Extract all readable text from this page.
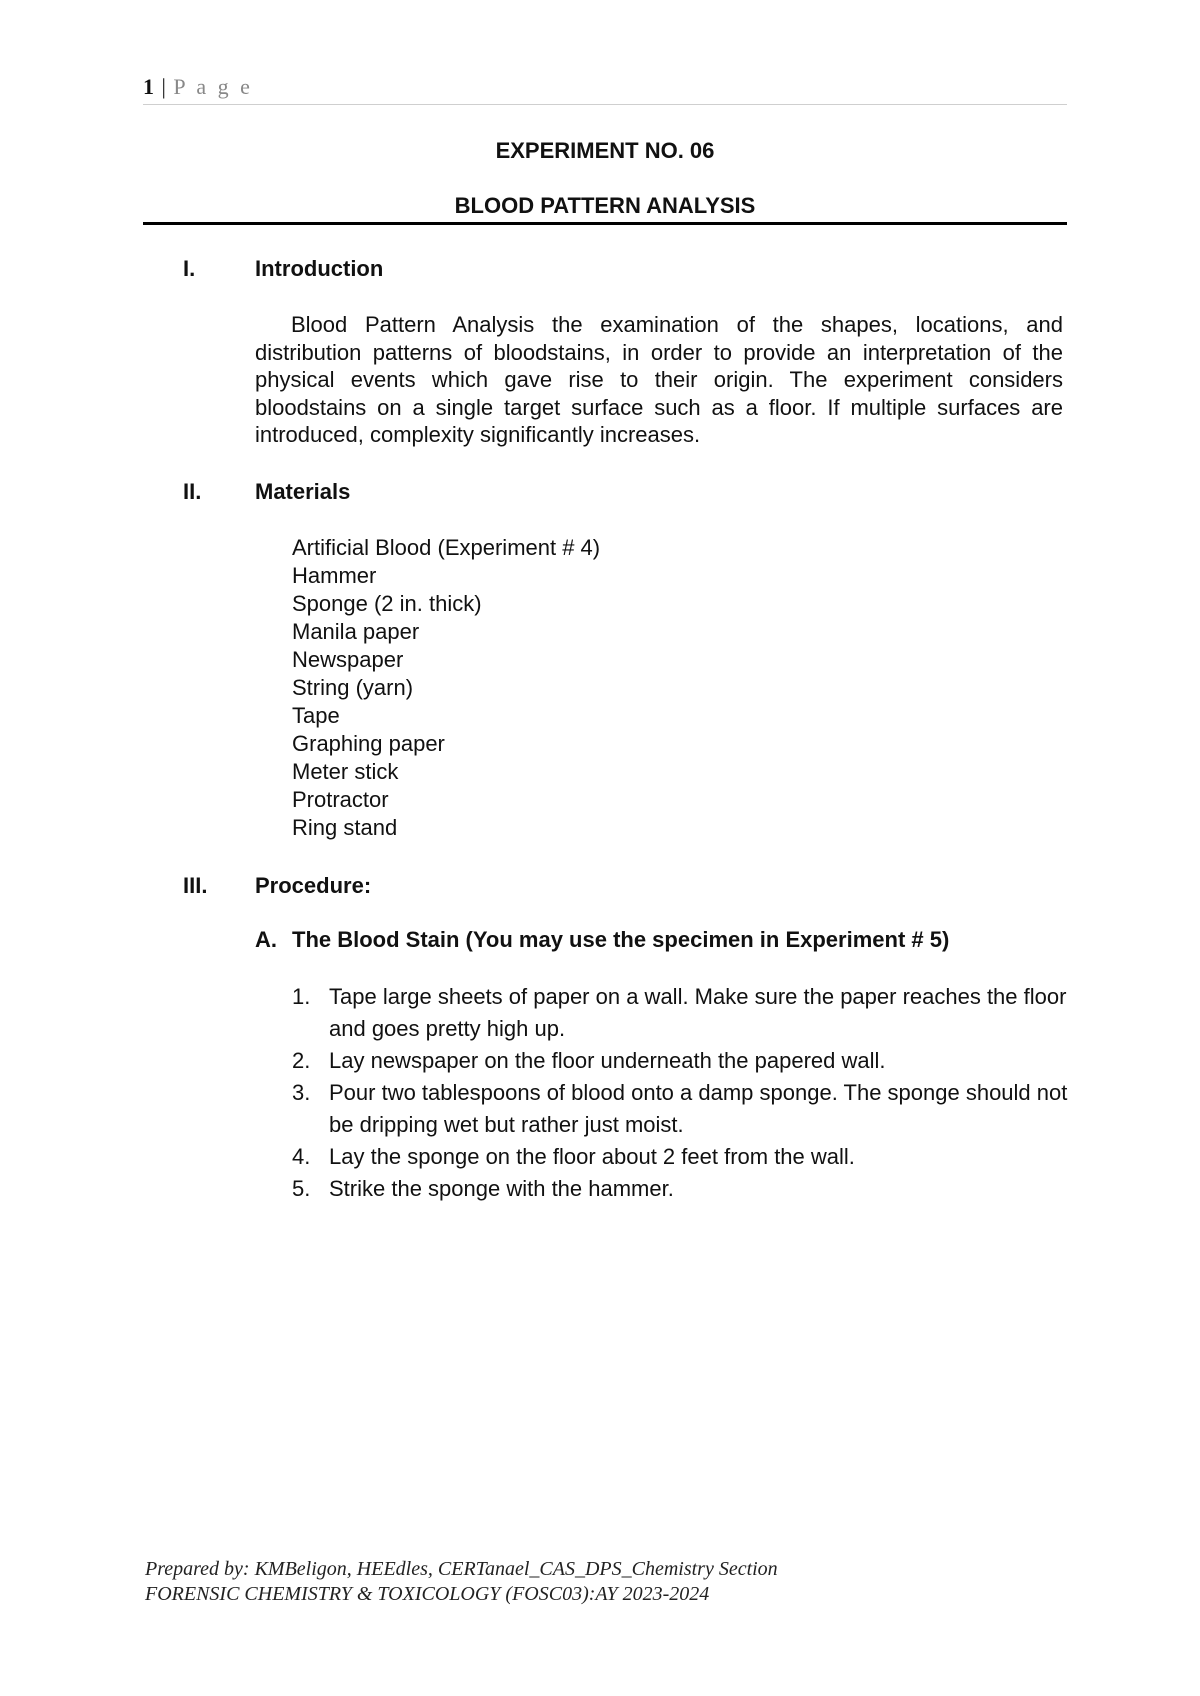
1 | P a g e
EXPERIMENT NO. 06
BLOOD PATTERN ANALYSIS
I.	Introduction
Blood Pattern Analysis the examination of the shapes, locations, and distribution patterns of bloodstains, in order to provide an interpretation of the physical events which gave rise to their origin. The experiment considers bloodstains on a single target surface such as a floor. If multiple surfaces are introduced, complexity significantly increases.
II. Materials
Artificial Blood (Experiment # 4)
Hammer
Sponge (2 in. thick)
Manila paper
Newspaper
String (yarn)
Tape
Graphing paper
Meter stick
Protractor
Ring stand
III. Procedure:
A. The Blood Stain (You may use the specimen in Experiment # 5)
1. Tape large sheets of paper on a wall. Make sure the paper reaches the floor and goes pretty high up.
2. Lay newspaper on the floor underneath the papered wall.
3. Pour two tablespoons of blood onto a damp sponge. The sponge should not be dripping wet but rather just moist.
4. Lay the sponge on the floor about 2 feet from the wall.
5. Strike the sponge with the hammer.
Prepared by: KMBeligon, HEEdles, CERTanael_CAS_DPS_Chemistry Section
FORENSIC CHEMISTRY & TOXICOLOGY (FOSC03):AY 2023-2024
